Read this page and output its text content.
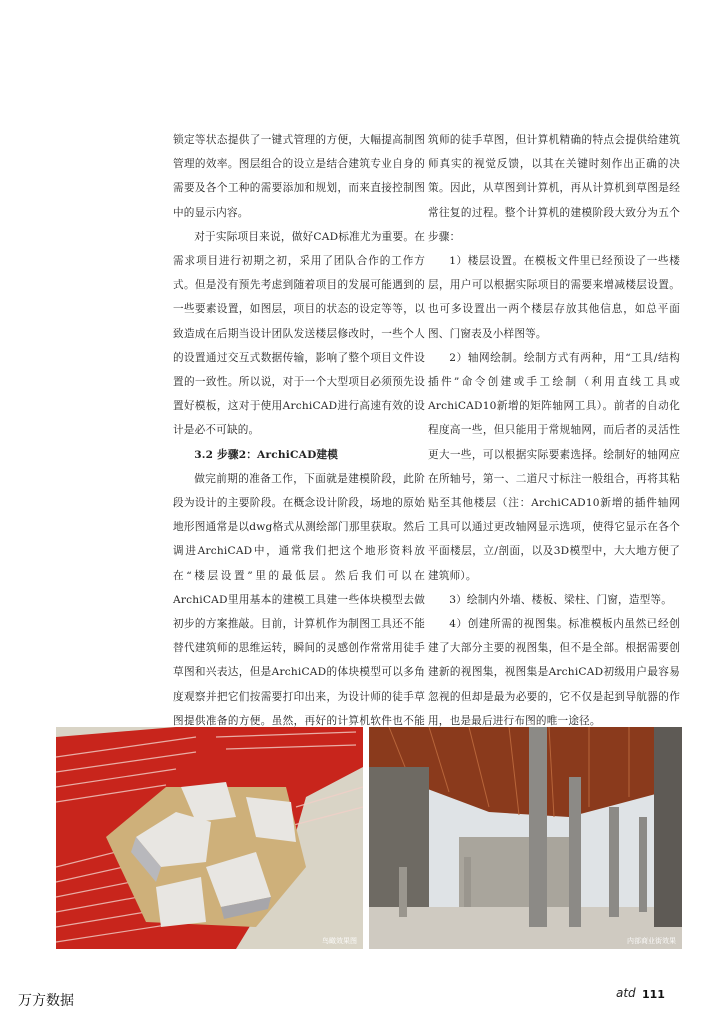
锁定等状态提供了一键式管理的方便，大幅提高制图管理的效率。图层组合的设立是结合建筑专业自身的需要及各个工种的需要添加和规划，而来直接控制图中的显示内容。

对于实际项目来说，做好CAD标准尤为重要。在需求项目进行初期之初，采用了团队合作的工作方式。但是没有预先考虑到随着项目的发展可能遇到的一些要素设置，如图层，项目的状态的设定等等，以致造成在后期当设计团队发送楼层修改时，一些个人的设置通过交互式数据传输，影响了整个项目文件设置的一致性。所以说，对于一个大型项目必须预先设置好模板，这对于使用ArchiCAD进行高速有效的设计是必不可缺的。

3.2 步骤2：ArchiCAD建模

做完前期的准备工作，下面就是建模阶段，此阶段为设计的主要阶段。在概念设计阶段，场地的原始地形图通常是以dwg格式从测绘部门那里获取。然后调进ArchiCAD中，通常我们把这个地形资料放在“楼层设置”里的最低层。然后我们可以在ArchiCAD里用基本的建模工具建一些体块模型去做初步的方案推敲。目前，计算机作为制图工具还不能替代建筑师的思维运转，瞬间的灵感创作常常用徒手草图和兴表达，但是ArchiCAD的体块模型可以多角度观察并把它们按需要打印出来，为设计师的徒手草图提供准备的方便。虽然，再好的计算机软件也不能

筑师的徒手草图，但计算机精确的特点会提供给建筑师真实的视觉反馈，以其在关键时刻作出正确的决策。因此，从草图到计算机，再从计算机到草图是经常往复的过程。整个计算机的建模阶段大致分为五个步骤：

1）楼层设置。在模板文件里已经预设了一些楼层，用户可以根据实际项目的需要来增减楼层设置。也可多设置出一两个楼层存放其他信息，如总平面图、门窗表及小样图等。

2）轴网绘制。绘制方式有两种，用“工具/结构插件”命令创建或手工绘制（利用直线工具或ArchiCAD10新增的矩阵轴网工具）。前者的自动化程度高一些，但只能用于常规轴网，而后者的灵活性更大一些，可以根据实际要素选择。绘制好的轴网应在所轴号，第一、二道尺寸标注一般组合，再将其粘贴至其他楼层（注：ArchiCAD10新增的插件轴网工具可以通过更改轴网显示选项，使得它显示在各个平面楼层，立/剖面，以及3D模型中，大大地方便了建筑师）。

3）绘制内外墙、楼板、梁柱、门窗，造型等。

4）创建所需的视图集。标准模板内虽然已经创建了大部分主要的视图集，但不是全部。根据需要创建新的视图集，视图集是ArchiCAD初级用户最容易忽视的但却是最为必要的，它不仅是起到导航器的作用，也是最后进行布图的唯一途径。

鸟瞰效果图	内部商业街效果
万方数据	atd 111
